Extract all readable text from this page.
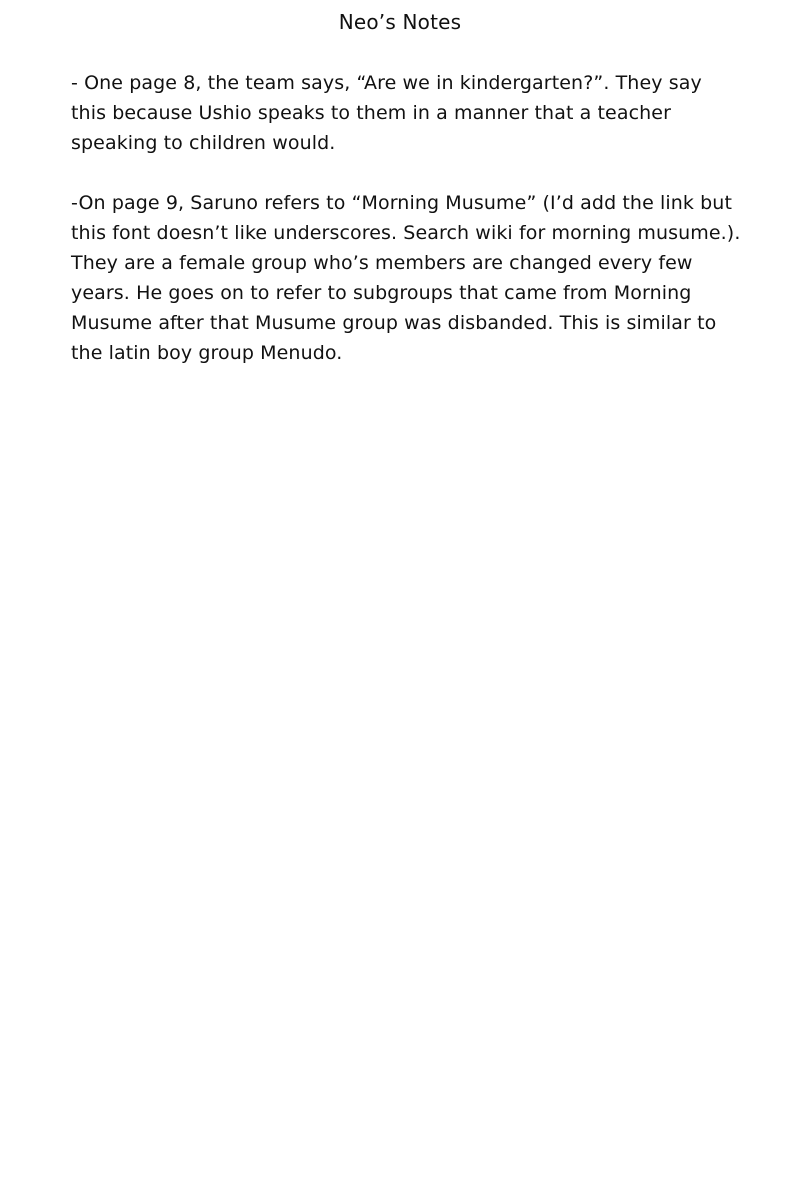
Neo’s Notes

- One page 8, the team says, “Are we in kindergarten?”. They say this because Ushio speaks to them in a manner that a teacher speaking to children would.

-On page 9, Saruno refers to “Morning Musume” (I’d add the link but this font doesn’t like underscores. Search wiki for morning musume.). They are a female group who’s members are changed every few years. He goes on to refer to subgroups that came from Morning Musume after that Musume group was disbanded. This is similar to the latin boy group Menudo.
